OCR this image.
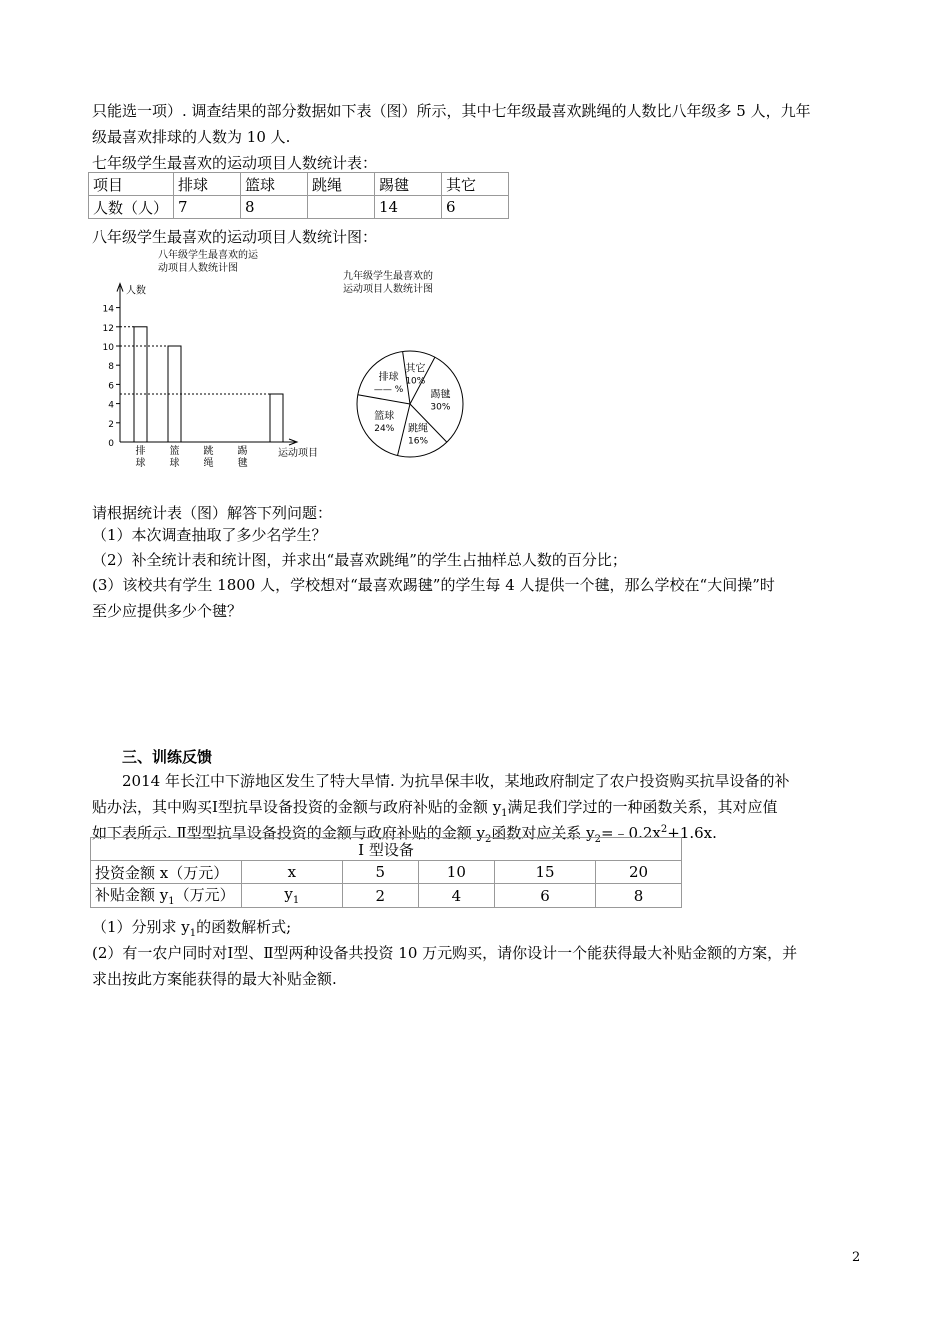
只能选一项）. 调查结果的部分数据如下表（图）所示，其中七年级最喜欢跳绳的人数比八年级多 5 人，九年
级最喜欢排球的人数为 10 人.
七年级学生最喜欢的运动项目人数统计表：
项目	排球	篮球	跳绳	踢毽	其它
人数（人）	7	8		14	6
八年级学生最喜欢的运动项目人数统计图：
八年级学生最喜欢的运
动项目人数统计图
人数
运动项目
0
2
4
6
8
10
12
14
排
球
篮
球
跳
绳
踢
毽
九年级学生最喜欢的
运动项目人数统计图
其它
10%
踢毽
30%
跳绳
16%
篮球
24%
排球
—— %
请根据统计表（图）解答下列问题：
（1）本次调查抽取了多少名学生？
（2）补全统计表和统计图，并求出“最喜欢跳绳”的学生占抽样总人数的百分比；
(3）该校共有学生 1800 人，学校想对“最喜欢踢毽”的学生每 4 人提供一个毽，那么学校在“大间操”时
至少应提供多少个毽？
三、训练反馈
2014 年长江中下游地区发生了特大旱情. 为抗旱保丰收，某地政府制定了农户投资购买抗旱设备的补
贴办法，其中购买Ⅰ型抗旱设备投资的金额与政府补贴的金额 $y_1$满足我们学过的一种函数关系，其对应值
如下表所示. Ⅱ型型抗旱设备投资的金额与政府补贴的金额 $y_2$函数对应关系 $y_2=﹣0.2x^2+1.6x$.
Ⅰ 型设备					
投资金额 x（万元）	x	5	10	15	20
补贴金额 $y_1$（万元）	$y_1$	2	4	6	8
（1）分别求 $y_1$的函数解析式;
(2）有一农户同时对Ⅰ型、Ⅱ型两种设备共投资 10 万元购买，请你设计一个能获得最大补贴金额的方案，并
求出按此方案能获得的最大补贴金额.
2
